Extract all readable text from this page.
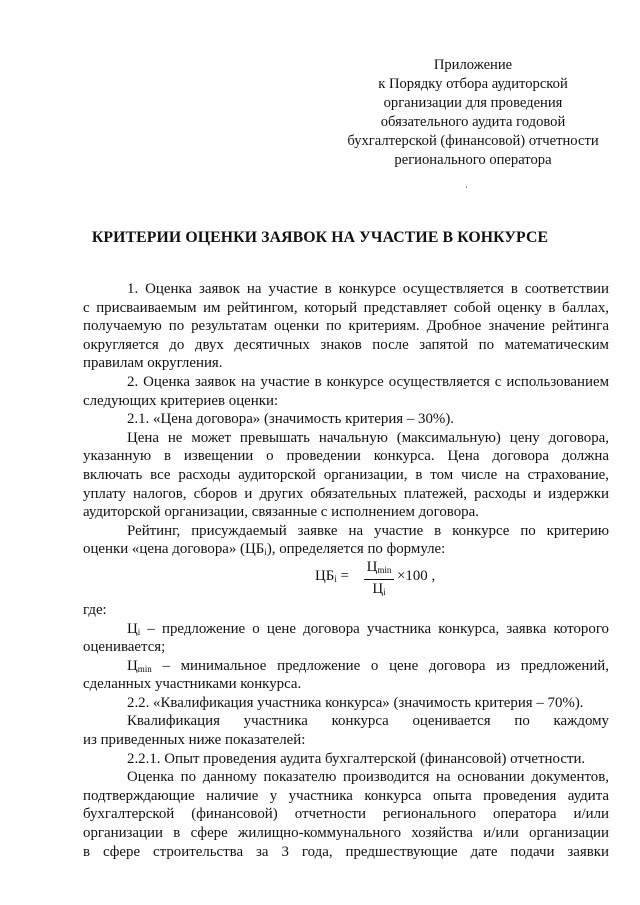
Приложение
к Порядку отбора аудиторской
организации для проведения
обязательного аудита годовой
бухгалтерской (финансовой) отчетности
регионального оператора
КРИТЕРИИ ОЦЕНКИ ЗАЯВОК НА УЧАСТИЕ В КОНКУРСЕ
1. Оценка заявок на участие в конкурсе осуществляется в соответствии
с присваиваемым им рейтингом, который представляет собой оценку в баллах,
получаемую по результатам оценки по критериям. Дробное значение рейтинга
округляется до двух десятичных знаков после запятой по математическим
правилам округления.
2. Оценка заявок на участие в конкурсе осуществляется с использованием
следующих критериев оценки:
2.1. «Цена договора» (значимость критерия – 30%).
Цена не может превышать начальную (максимальную) цену договора,
указанную в извещении о проведении конкурса. Цена договора должна
включать все расходы аудиторской организации, в том числе на страхование,
уплату налогов, сборов и других обязательных платежей, расходы и издержки
аудиторской организации, связанные с исполнением договора.
Рейтинг, присуждаемый заявке на участие в конкурсе по критерию
оценки «цена договора» $(ЦБ_i)$, определяется по формуле:
$ЦБ_i$ =
$Ц_{min}$
$Ц_i$
×100 ,
где:
$Ц_i$ – предложение о цене договора участника конкурса, заявка которого
оценивается;
$Ц_{min}$ – минимальное предложение о цене договора из предложений,
сделанных участниками конкурса.
2.2. «Квалификация участника конкурса» (значимость критерия – 70%).
Квалификация участника конкурса оценивается по каждому
из приведенных ниже показателей:
2.2.1. Опыт проведения аудита бухгалтерской (финансовой) отчетности.
Оценка по данному показателю производится на основании документов,
подтверждающие наличие у участника конкурса опыта проведения аудита
бухгалтерской (финансовой) отчетности регионального оператора и/или
организации в сфере жилищно-коммунального хозяйства и/или организации
в сфере строительства за 3 года, предшествующие дате подачи заявки
